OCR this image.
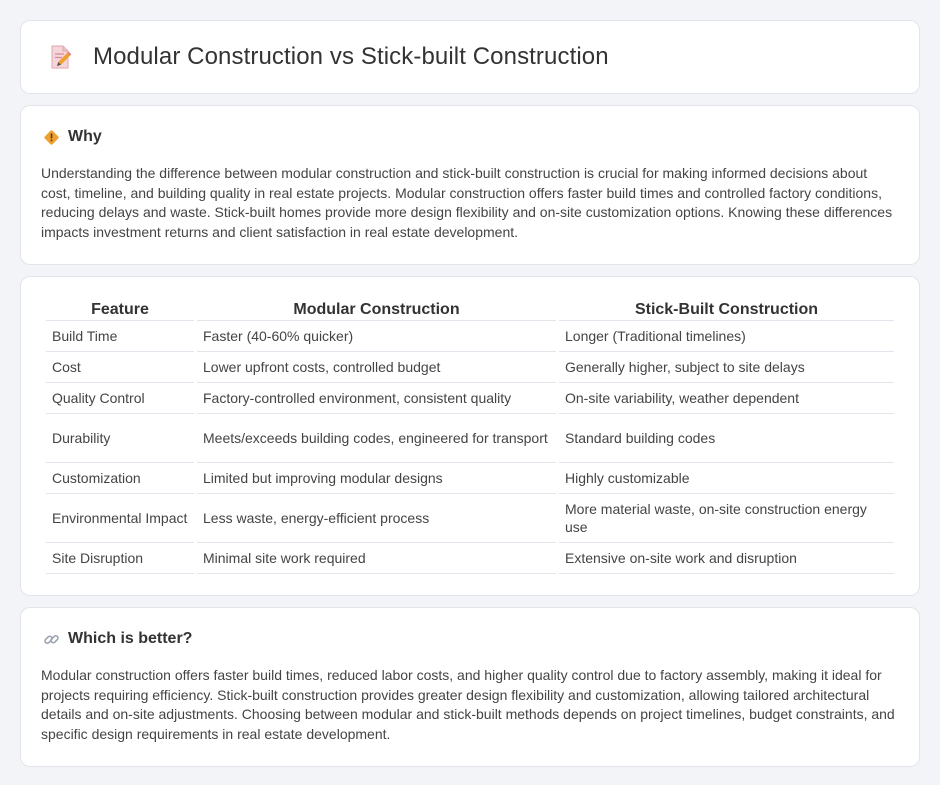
Modular Construction vs Stick-built Construction
Why

Understanding the difference between modular construction and stick-built construction is crucial for making informed decisions about cost, timeline, and building quality in real estate projects. Modular construction offers faster build times and controlled factory conditions, reducing delays and waste. Stick-built homes provide more design flexibility and on-site customization options. Knowing these differences impacts investment returns and client satisfaction in real estate development.

Feature	Modular Construction	Stick-Built Construction
Build Time	Faster (40-60% quicker)	Longer (Traditional timelines)
Cost	Lower upfront costs, controlled budget	Generally higher, subject to site delays
Quality Control	Factory-controlled environment, consistent quality	On-site variability, weather dependent
Durability	Meets/exceeds building codes, engineered for transport	Standard building codes
Customization	Limited but improving modular designs	Highly customizable
Environmental Impact	Less waste, energy-efficient process	More material waste, on-site construction energy use
Site Disruption	Minimal site work required	Extensive on-site work and disruption
Which is better?

Modular construction offers faster build times, reduced labor costs, and higher quality control due to factory assembly, making it ideal for projects requiring efficiency. Stick-built construction provides greater design flexibility and customization, allowing tailored architectural details and on-site adjustments. Choosing between modular and stick-built methods depends on project timelines, budget constraints, and specific design requirements in real estate development.
